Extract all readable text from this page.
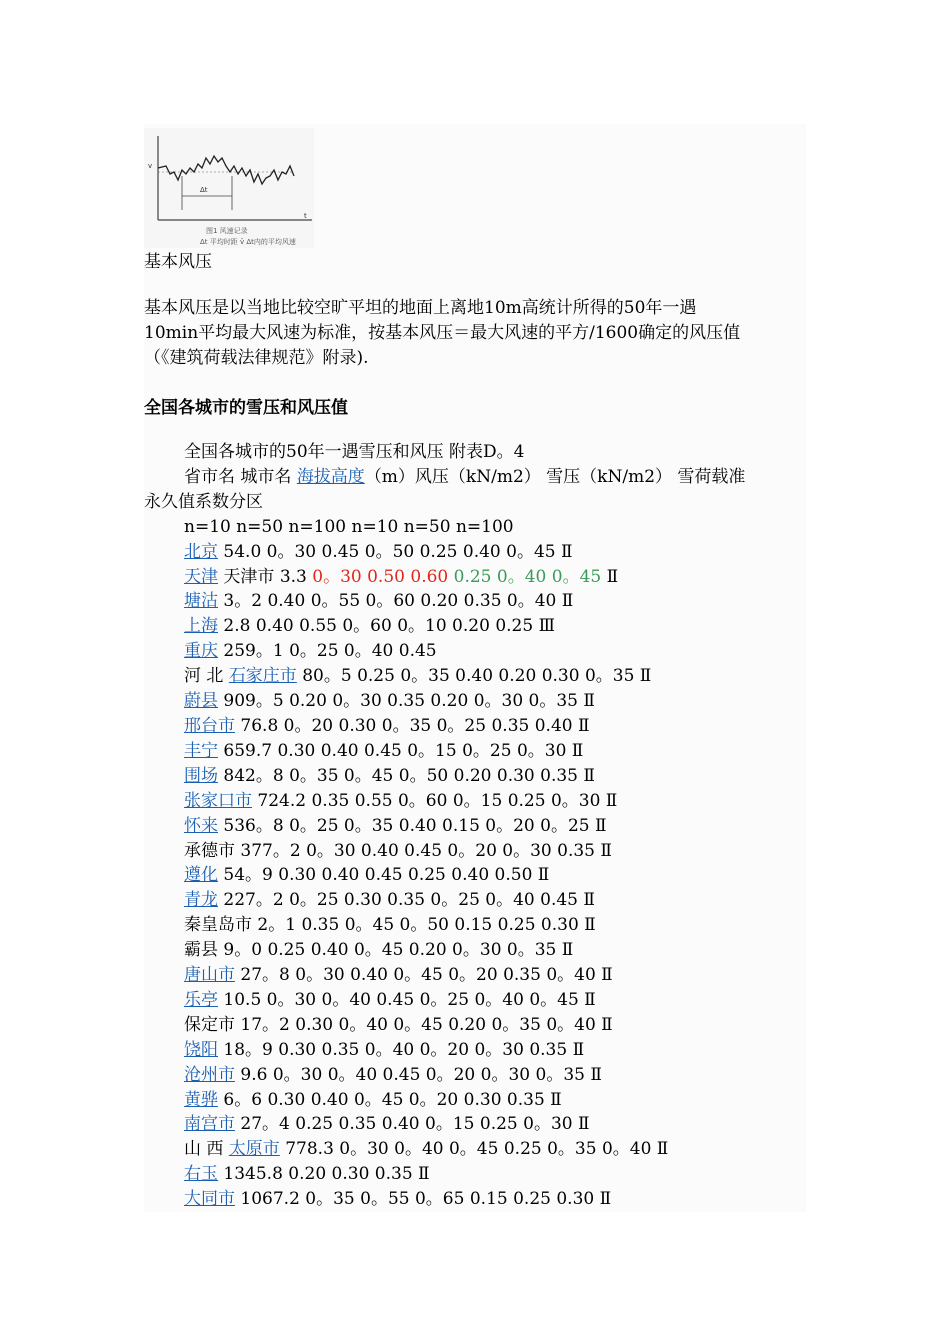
Δt
v
t
图1 风速记录
Δt 平均时距 v̄ Δt内的平均风速
基本风压
基本风压是以当地比较空旷平坦的地面上离地10m高统计所得的50年一遇
10min平均最大风速为标准，按基本风压＝最大风速的平方/1600确定的风压值
（《建筑荷载法律规范》附录).
全国各城市的雪压和风压值
全国各城市的50年一遇雪压和风压 附表D。4
省市名 城市名 海拔高度（m）风压（kN/m2） 雪压（kN/m2） 雪荷载准
永久值系数分区
n=10 n=50 n=100 n=10 n=50 n=100
北京 54.0 0。30 0.45 0。50 0.25 0.40 0。45 Ⅱ
天津 天津市 3.3 0。30 0.50 0.60 0.25 0。40 0。45 Ⅱ
塘沽 3。2 0.40 0。55 0。60 0.20 0.35 0。40 Ⅱ
上海 2.8 0.40 0.55 0。60 0。10 0.20 0.25 Ⅲ
重庆 259。1 0。25 0。40 0.45
河 北 石家庄市 80。5 0.25 0。35 0.40 0.20 0.30 0。35 Ⅱ
蔚县 909。5 0.20 0。30 0.35 0.20 0。30 0。35 Ⅱ
邢台市 76.8 0。20 0.30 0。35 0。25 0.35 0.40 Ⅱ
丰宁 659.7 0.30 0.40 0.45 0。15 0。25 0。30 Ⅱ
围场 842。8 0。35 0。45 0。50 0.20 0.30 0.35 Ⅱ
张家口市 724.2 0.35 0.55 0。60 0。15 0.25 0。30 Ⅱ
怀来 536。8 0。25 0。35 0.40 0.15 0。20 0。25 Ⅱ
承德市 377。2 0。30 0.40 0.45 0。20 0。30 0.35 Ⅱ
遵化 54。9 0.30 0.40 0.45 0.25 0.40 0.50 Ⅱ
青龙 227。2 0。25 0.30 0.35 0。25 0。40 0.45 Ⅱ
秦皇岛市 2。1 0.35 0。45 0。50 0.15 0.25 0.30 Ⅱ
霸县 9。0 0.25 0.40 0。45 0.20 0。30 0。35 Ⅱ
唐山市 27。8 0。30 0.40 0。45 0。20 0.35 0。40 Ⅱ
乐亭 10.5 0。30 0。40 0.45 0。25 0。40 0。45 Ⅱ
保定市 17。2 0.30 0。40 0。45 0.20 0。35 0。40 Ⅱ
饶阳 18。9 0.30 0.35 0。40 0。20 0。30 0.35 Ⅱ
沧州市 9.6 0。30 0。40 0.45 0。20 0。30 0。35 Ⅱ
黄骅 6。6 0.30 0.40 0。45 0。20 0.30 0.35 Ⅱ
南宫市 27。4 0.25 0.35 0.40 0。15 0.25 0。30 Ⅱ
山 西 太原市 778.3 0。30 0。40 0。45 0.25 0。35 0。40 Ⅱ
右玉 1345.8 0.20 0.30 0.35 Ⅱ
大同市 1067.2 0。35 0。55 0。65 0.15 0.25 0.30 Ⅱ
